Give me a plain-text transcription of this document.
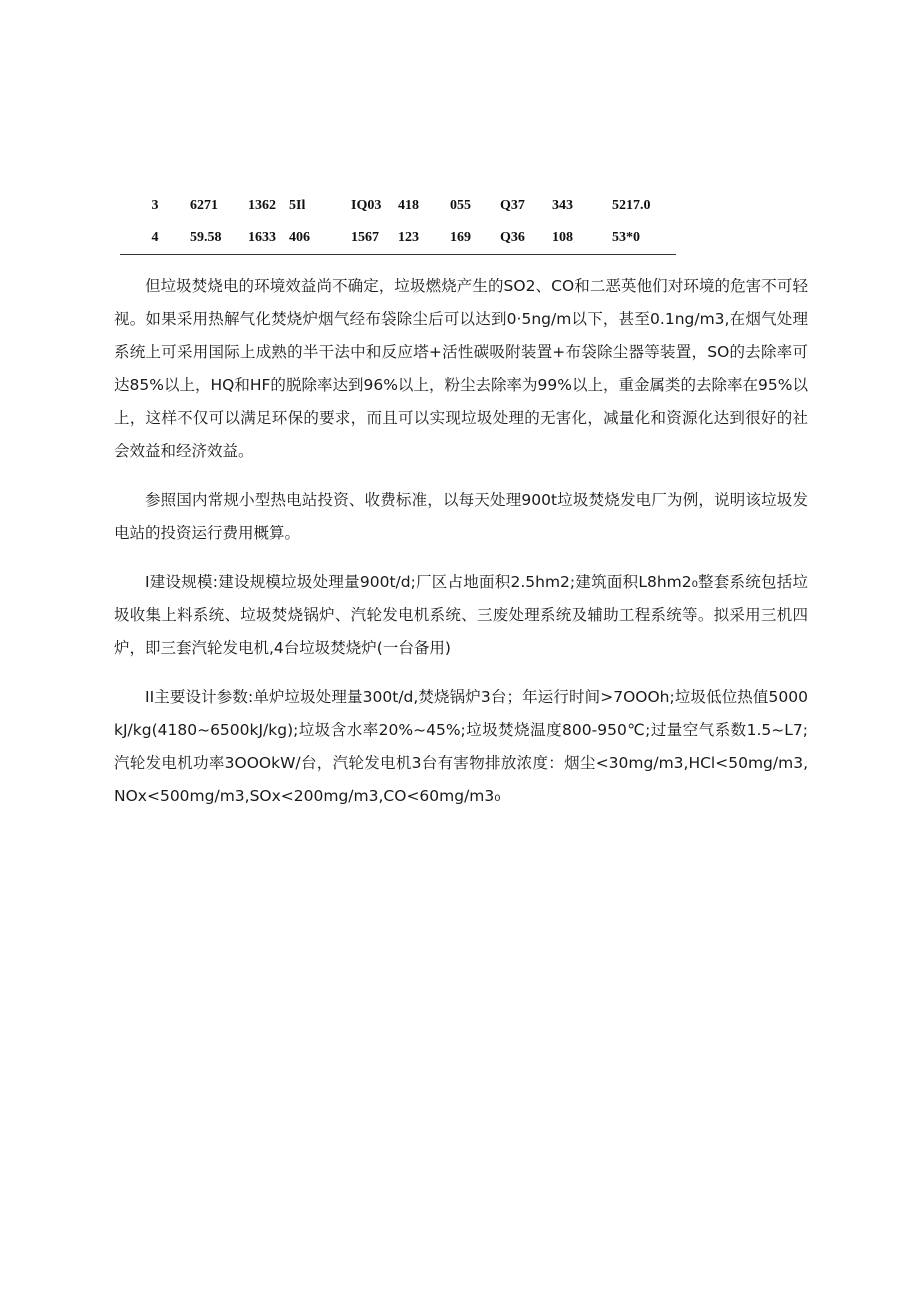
3	6271	1362	5Il	IQ03	418	055	Q37	343	5217.0
4	59.58	1633	406	1567	123	169	Q36	108	53*0

但垃圾焚烧电的环境效益尚不确定，垃圾燃烧产生的SO2、CO和二恶英他们对环境的危害不可轻视。如果采用热解气化焚烧炉烟气经布袋除尘后可以达到0·5ng/m以下，甚至0.1ng/m3,在烟气处理系统上可采用国际上成熟的半干法中和反应塔+活性碳吸附装置+布袋除尘器等装置，SO的去除率可达85%以上，HQ和HF的脱除率达到96%以上，粉尘去除率为99%以上，重金属类的去除率在95%以上，这样不仅可以满足环保的要求，而且可以实现垃圾处理的无害化，减量化和资源化达到很好的社会效益和经济效益。

参照国内常规小型热电站投资、收费标准，以每天处理900t垃圾焚烧发电厂为例，说明该垃圾发电站的投资运行费用概算。

I建设规模:建设规模垃圾处理量900t/d;厂区占地面积2.5hm2;建筑面积L8hm2₀整套系统包括垃圾收集上料系统、垃圾焚烧锅炉、汽轮发电机系统、三废处理系统及辅助工程系统等。拟采用三机四炉，即三套汽轮发电机,4台垃圾焚烧炉(一台备用)

II主要设计参数:单炉垃圾处理量300t∕d,焚烧锅炉3台；年运行时间>7OOOh;垃圾低位热值5000kJ∕kg(4180~6500kJ∕kg);垃圾含水率20%~45%;垃圾焚烧温度800-950℃;过量空气系数1.5~L7;汽轮发电机功率3OOOkW∕台，汽轮发电机3台有害物排放浓度：烟尘<30mg∕m3,HCl<50mg∕m3,NOx<500mg∕m3,SOx<200mg∕m3,CO<60mg∕m3₀
